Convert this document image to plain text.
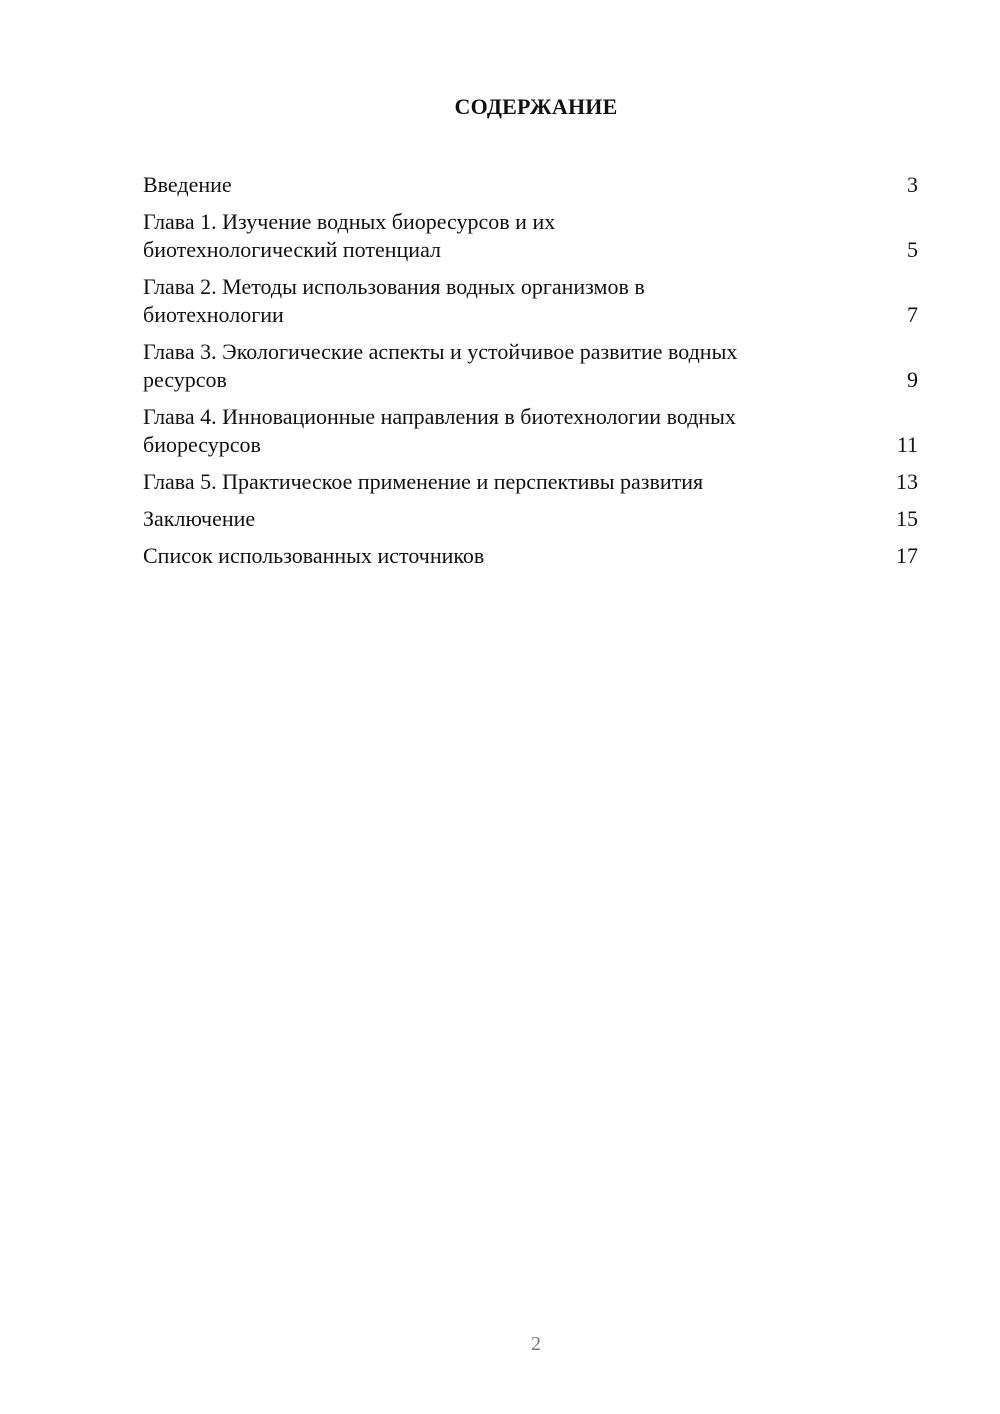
СОДЕРЖАНИЕ
Введение	3
Глава 1. Изучение водных биоресурсов и их
биотехнологический потенциал	5
Глава 2. Методы использования водных организмов в
биотехнологии	7
Глава 3. Экологические аспекты и устойчивое развитие водных
ресурсов	9
Глава 4. Инновационные направления в биотехнологии водных
биоресурсов	11
Глава 5. Практическое применение и перспективы развития	13
Заключение	15
Список использованных источников	17
2
